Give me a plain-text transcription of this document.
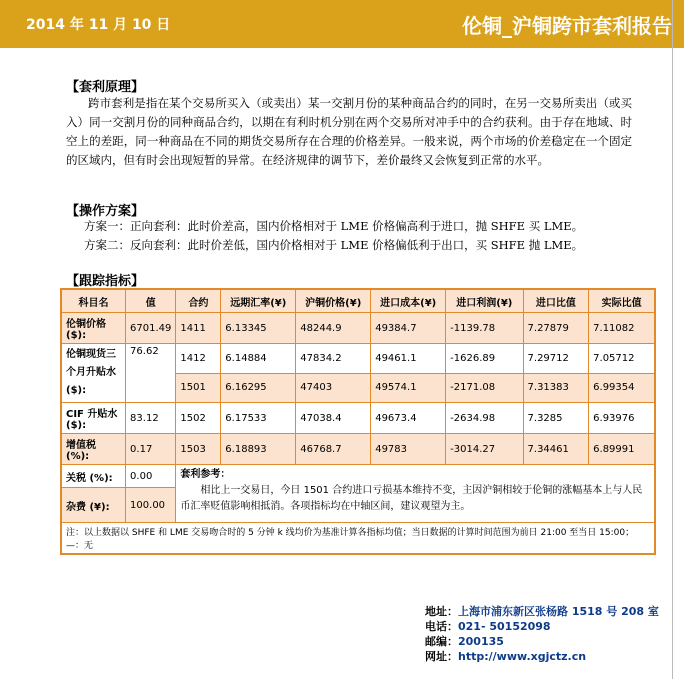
2014 年 11 月 10 日	伦铜_沪铜跨市套利报告
【套利原理】
跨市套利是指在某个交易所买入（或卖出）某一交割月份的某种商品合约的同时，在另一交易所卖出（或买入）同一交割月份的同种商品合约，以期在有利时机分别在两个交易所对冲手中的合约获利。由于存在地域、时空上的差距，同一种商品在不同的期货交易所存在合理的价格差异。一般来说，两个市场的价差稳定在一个固定的区域内，但有时会出现短暂的异常。在经济规律的调节下，差价最终又会恢复到正常的水平。
【操作方案】
方案一：正向套利：此时价差高，国内价格相对于 LME 价格偏高利于进口，抛 SHFE 买 LME。
方案二：反向套利：此时价差低，国内价格相对于 LME 价格偏低利于出口，买 SHFE 抛 LME。
【跟踪指标】
科目名	值	合约	远期汇率(¥)	沪铜价格(¥)	进口成本(¥)	进口利润(¥)	进口比值	实际比值
伦铜价格($):	6701.49	1411	6.13345	48244.9	49384.7	-1139.78	7.27879	7.11082
伦铜现货三个月升贴水($):	76.62	1412	6.14884	47834.2	49461.1	-1626.89	7.29712	7.05712
		1501	6.16295	47403	49574.1	-2171.08	7.31383	6.99354
CIF 升贴水($):	83.12	1502	6.17533	47038.4	49673.4	-2634.98	7.3285	6.93976
增值税 (%):	0.17	1503	6.18893	46768.7	49783	-3014.27	7.34461	6.89991
关税 (%):	0.00	套利参考：
相比上一交易日，今日 1501 合约进口亏损基本维持不变，主因沪铜相较于伦铜的涨幅基本上与人民币汇率贬值影响相抵消。各项指标均在中轴区间，建议观望为主。						

杂费 (¥):	100.00							
注：以上数据以 SHFE 和 LME 交易吻合时的 5 分钟 k 线均价为基准计算各指标均值；当日数据的计算时间范围为前日 21:00 至当日 15:00；—：无								
地址：上海市浦东新区张杨路 1518 号 208 室
电话：021- 50152098
邮编：200135
网址：http://www.xgjctz.cn
